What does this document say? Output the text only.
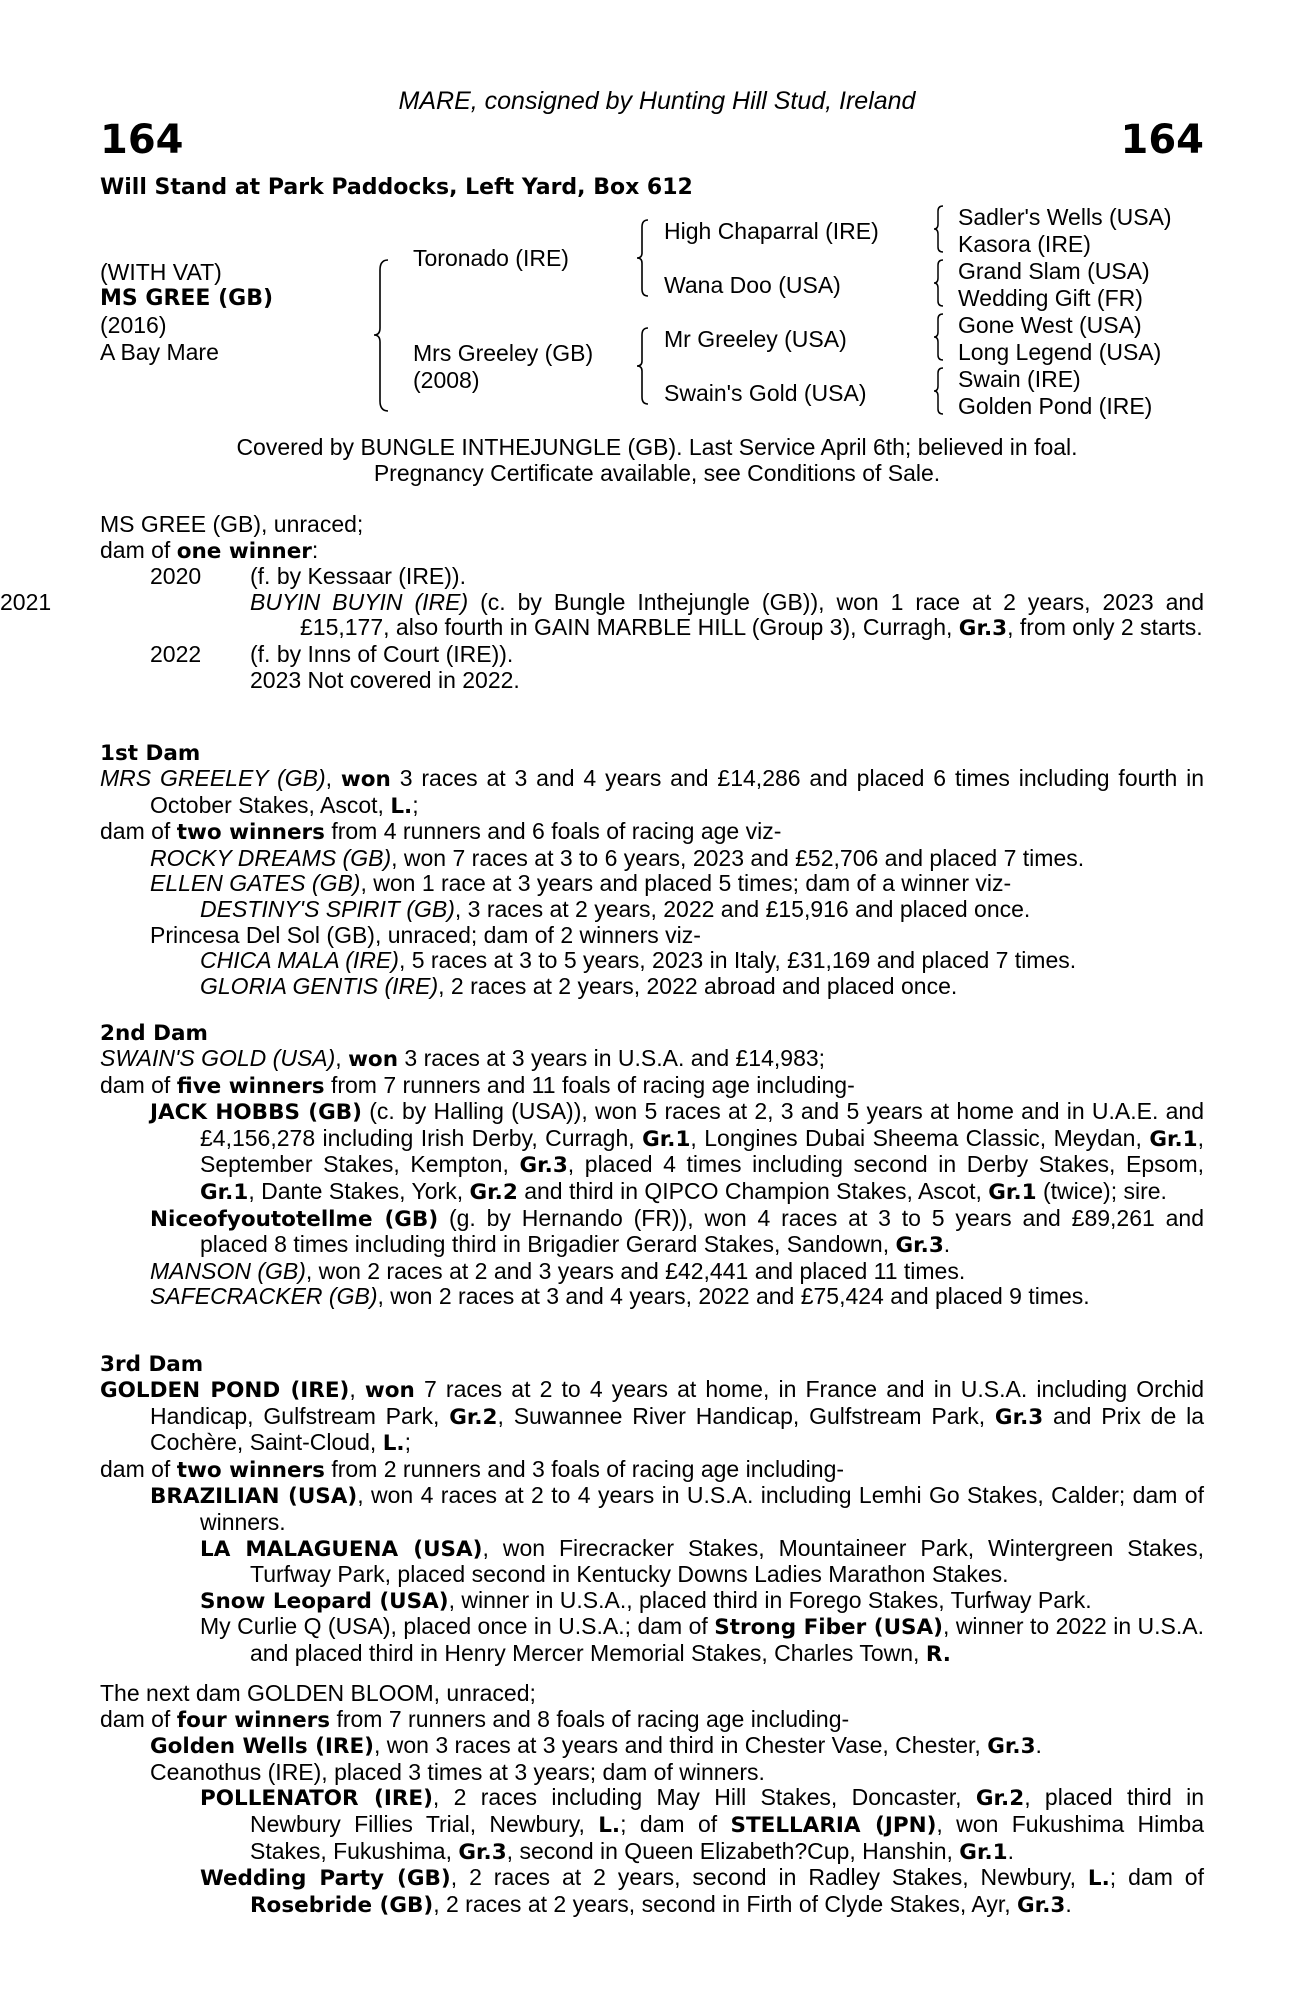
MARE, consigned by Hunting Hill Stud, Ireland
164	164
Will Stand at Park Paddocks, Left Yard, Box 612
(WITH VAT)
MS GREE (GB)
(2016)
A Bay Mare
Toronado (IRE)
Mrs Greeley (GB)
(2008)
High Chaparral (IRE)
Wana Doo (USA)
Mr Greeley (USA)
Swain's Gold (USA)
Sadler's Wells (USA)
Kasora (IRE)
Grand Slam (USA)
Wedding Gift (FR)
Gone West (USA)
Long Legend (USA)
Swain (IRE)
Golden Pond (IRE)
Covered by BUNGLE INTHEJUNGLE (GB). Last Service April 6th; believed in foal.
Pregnancy Certificate available, see Conditions of Sale.
MS GREE (GB), unraced;
dam of one winner:
2020 (f. by Kessaar (IRE)).
2021	BUYIN BUYIN (IRE) (c. by Bungle Inthejungle (GB)), won 1 race at 2 years, 2023 and £15,177, also fourth in GAIN MARBLE HILL (Group 3), Curragh, Gr.3, from only 2 starts.
2022 (f. by Inns of Court (IRE)).
2023 Not covered in 2022.
1st Dam
MRS GREELEY (GB), won 3 races at 3 and 4 years and £14,286 and placed 6 times including fourth in October Stakes, Ascot, L.;
dam of two winners from 4 runners and 6 foals of racing age viz-
ROCKY DREAMS (GB), won 7 races at 3 to 6 years, 2023 and £52,706 and placed 7 times.
ELLEN GATES (GB), won 1 race at 3 years and placed 5 times; dam of a winner viz-
DESTINY'S SPIRIT (GB), 3 races at 2 years, 2022 and £15,916 and placed once.
Princesa Del Sol (GB), unraced; dam of 2 winners viz-
CHICA MALA (IRE), 5 races at 3 to 5 years, 2023 in Italy, £31,169 and placed 7 times.
GLORIA GENTIS (IRE), 2 races at 2 years, 2022 abroad and placed once.
2nd Dam
SWAIN'S GOLD (USA), won 3 races at 3 years in U.S.A. and £14,983;
dam of five winners from 7 runners and 11 foals of racing age including-
JACK HOBBS (GB) (c. by Halling (USA)), won 5 races at 2, 3 and 5 years at home and in U.A.E. and £4,156,278 including Irish Derby, Curragh, Gr.1, Longines Dubai Sheema Classic, Meydan, Gr.1, September Stakes, Kempton, Gr.3, placed 4 times including second in Derby Stakes, Epsom, Gr.1, Dante Stakes, York, Gr.2 and third in QIPCO Champion Stakes, Ascot, Gr.1 (twice); sire.
Niceofyoutotellme (GB) (g. by Hernando (FR)), won 4 races at 3 to 5 years and £89,261 and placed 8 times including third in Brigadier Gerard Stakes, Sandown, Gr.3.
MANSON (GB), won 2 races at 2 and 3 years and £42,441 and placed 11 times.
SAFECRACKER (GB), won 2 races at 3 and 4 years, 2022 and £75,424 and placed 9 times.
3rd Dam
GOLDEN POND (IRE), won 7 races at 2 to 4 years at home, in France and in U.S.A. including Orchid Handicap, Gulfstream Park, Gr.2, Suwannee River Handicap, Gulfstream Park, Gr.3 and Prix de la Cochère, Saint-Cloud, L.;
dam of two winners from 2 runners and 3 foals of racing age including-
BRAZILIAN (USA), won 4 races at 2 to 4 years in U.S.A. including Lemhi Go Stakes, Calder; dam of winners.
LA MALAGUENA (USA), won Firecracker Stakes, Mountaineer Park, Wintergreen Stakes, Turfway Park, placed second in Kentucky Downs Ladies Marathon Stakes.
Snow Leopard (USA), winner in U.S.A., placed third in Forego Stakes, Turfway Park.
My Curlie Q (USA), placed once in U.S.A.; dam of Strong Fiber (USA), winner to 2022 in U.S.A. and placed third in Henry Mercer Memorial Stakes, Charles Town, R.
The next dam GOLDEN BLOOM, unraced;
dam of four winners from 7 runners and 8 foals of racing age including-
Golden Wells (IRE), won 3 races at 3 years and third in Chester Vase, Chester, Gr.3.
Ceanothus (IRE), placed 3 times at 3 years; dam of winners.
POLLENATOR (IRE), 2 races including May Hill Stakes, Doncaster, Gr.2, placed third in Newbury Fillies Trial, Newbury, L.; dam of STELLARIA (JPN), won Fukushima Himba Stakes, Fukushima, Gr.3, second in Queen Elizabeth?Cup, Hanshin, Gr.1.
Wedding Party (GB), 2 races at 2 years, second in Radley Stakes, Newbury, L.; dam of Rosebride (GB), 2 races at 2 years, second in Firth of Clyde Stakes, Ayr, Gr.3.
